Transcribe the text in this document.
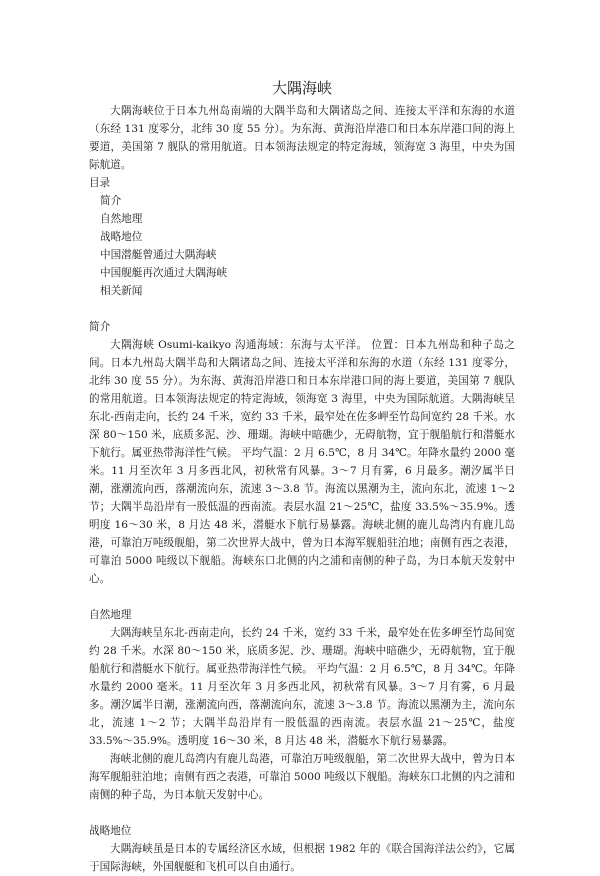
大隅海峡

大隅海峡位于日本九州岛南端的大隅半岛和大隅诸岛之间、连接太平洋和东海的水道（东经 131 度零分，北纬 30 度 55 分）。为东海、黄海沿岸港口和日本东岸港口间的海上要道，美国第 7 舰队的常用航道。日本领海法规定的特定海域，领海宽 3 海里，中央为国际航道。

目录
简介
自然地理
战略地位
中国潜艇曾通过大隅海峡
中国舰艇再次通过大隅海峡
相关新闻
简介

大隅海峡 Osumi-kaikyo 沟通海域：东海与太平洋。 位置：日本九州岛和种子岛之间。日本九州岛大隅半岛和大隅诸岛之间、连接太平洋和东海的水道（东经 131 度零分，北纬 30 度 55 分）。为东海、黄海沿岸港口和日本东岸港口间的海上要道，美国第 7 舰队的常用航道。日本领海法规定的特定海域，领海宽 3 海里，中央为国际航道。大隅海峡呈东北-西南走向，长约 24 千米，宽约 33 千米，最窄处在佐多岬至竹岛间宽约 28 千米。水深 80～150 米，底质多泥、沙、珊瑚。海峡中暗礁少，无碍航物，宜于舰船航行和潜艇水下航行。属亚热带海洋性气候。 平均气温：2 月 6.5℃，8 月 34℃。年降水量约 2000 毫米。11 月至次年 3 月多西北风，初秋常有风暴。3～7 月有雾，6 月最多。潮汐属半日潮，涨潮流向西，落潮流向东，流速 3～3.8 节。海流以黑潮为主，流向东北，流速 1～2 节；大隅半岛沿岸有一股低温的西南流。表层水温 21～25℃，盐度 33.5%～35.9%。透明度 16～30 米，8 月达 48 米，潜艇水下航行易暴露。海峡北侧的鹿儿岛湾内有鹿儿岛港，可靠泊万吨级舰船，第二次世界大战中，曾为日本海军舰船驻泊地；南侧有西之表港，可靠泊 5000 吨级以下舰船。海峡东口北侧的内之浦和南侧的种子岛，为日本航天发射中心。

自然地理

大隅海峡呈东北-西南走向，长约 24 千米，宽约 33 千米，最窄处在佐多岬至竹岛间宽约 28 千米。水深 80～150 米，底质多泥、沙、珊瑚。海峡中暗礁少，无碍航物，宜于舰船航行和潜艇水下航行。属亚热带海洋性气候。 平均气温：2 月 6.5℃，8 月 34℃。年降水量约 2000 毫米。11 月至次年 3 月多西北风，初秋常有风暴。3～7 月有雾，6 月最多。潮汐属半日潮，涨潮流向西，落潮流向东，流速 3～3.8 节。海流以黑潮为主，流向东北，流速 1～2 节；大隅半岛沿岸有一股低温的西南流。表层水温 21～25℃，盐度 33.5%～35.9%。透明度 16～30 米，8 月达 48 米，潜艇水下航行易暴露。

海峡北侧的鹿儿岛湾内有鹿儿岛港，可靠泊万吨级舰船，第二次世界大战中，曾为日本海军舰船驻泊地；南侧有西之表港，可靠泊 5000 吨级以下舰船。海峡东口北侧的内之浦和南侧的种子岛，为日本航天发射中心。

战略地位

大隅海峡虽是日本的专属经济区水域，但根据 1982 年的《联合国海洋法公约》，它属于国际海峡，外国舰艇和飞机可以自由通行。
